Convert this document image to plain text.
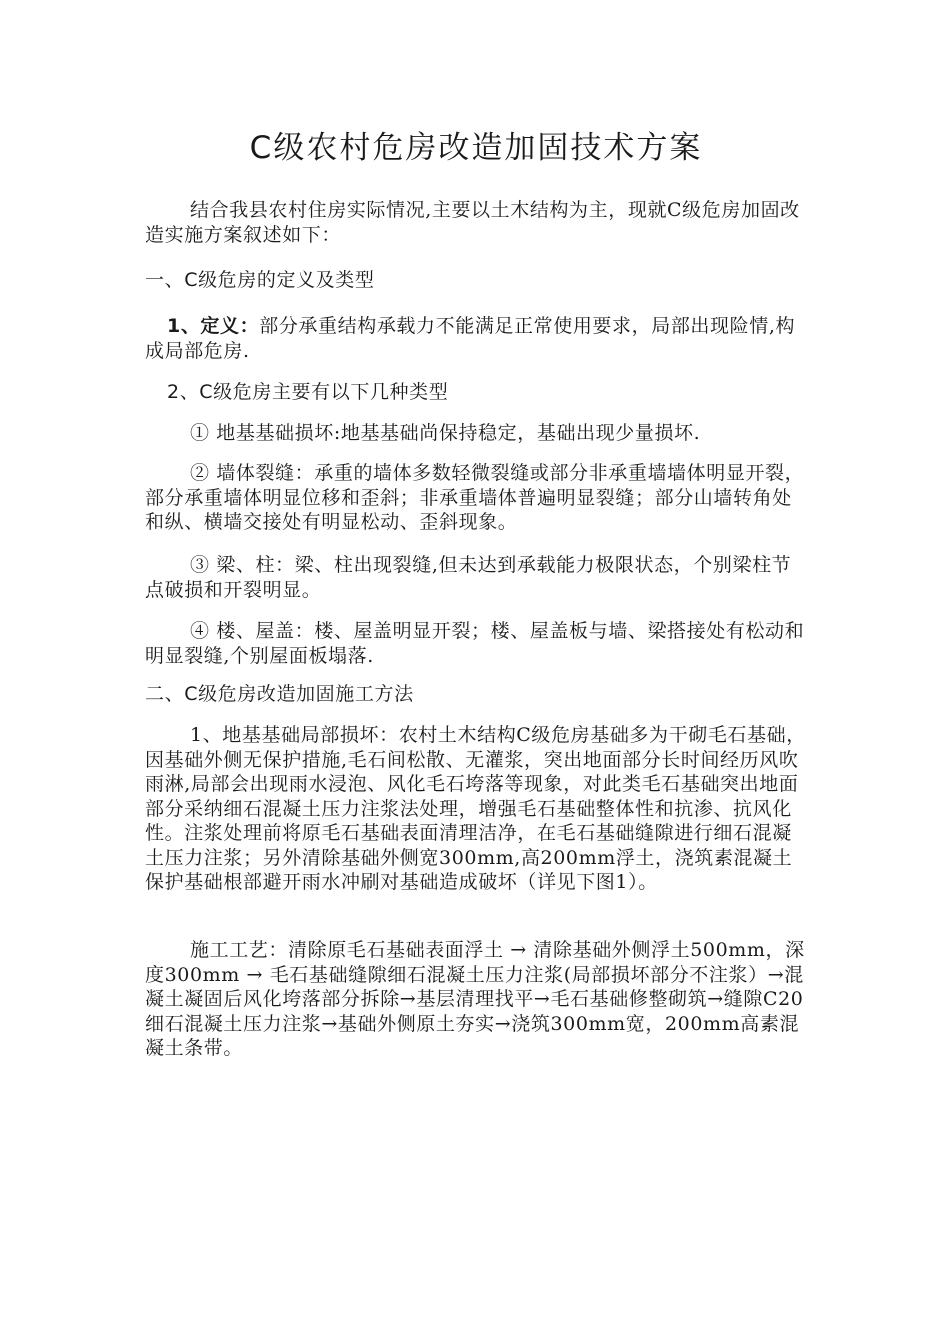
C级农村危房改造加固技术方案

结合我县农村住房实际情况,主要以土木结构为主，现就C级危房加固改造实施方案叙述如下：

一、C级危房的定义及类型

1、定义：部分承重结构承载力不能满足正常使用要求，局部出现险情,构成局部危房.

2、C级危房主要有以下几种类型

① 地基基础损坏:地基基础尚保持稳定，基础出现少量损坏.

② 墙体裂缝：承重的墙体多数轻微裂缝或部分非承重墙墙体明显开裂，部分承重墙体明显位移和歪斜；非承重墙体普遍明显裂缝；部分山墙转角处和纵、横墙交接处有明显松动、歪斜现象。

③ 梁、柱：梁、柱出现裂缝,但未达到承载能力极限状态，个别梁柱节点破损和开裂明显。

④ 楼、屋盖：楼、屋盖明显开裂；楼、屋盖板与墙、梁搭接处有松动和明显裂缝,个别屋面板塌落.

二、C级危房改造加固施工方法

1、地基基础局部损坏：农村土木结构C级危房基础多为干砌毛石基础，因基础外侧无保护措施,毛石间松散、无灌浆，突出地面部分长时间经历风吹雨淋,局部会出现雨水浸泡、风化毛石垮落等现象，对此类毛石基础突出地面部分采纳细石混凝土压力注浆法处理，增强毛石基础整体性和抗渗、抗风化性。注浆处理前将原毛石基础表面清理洁净，在毛石基础缝隙进行细石混凝土压力注浆；另外清除基础外侧宽300mm,高200mm浮土，浇筑素混凝土保护基础根部避开雨水冲刷对基础造成破坏（详见下图1）。

施工工艺：清除原毛石基础表面浮土 → 清除基础外侧浮土500mm，深度300mm → 毛石基础缝隙细石混凝土压力注浆(局部损坏部分不注浆）→混凝土凝固后风化垮落部分拆除→基层清理找平→毛石基础修整砌筑→缝隙C20细石混凝土压力注浆→基础外侧原土夯实→浇筑300mm宽，200mm高素混凝土条带。
